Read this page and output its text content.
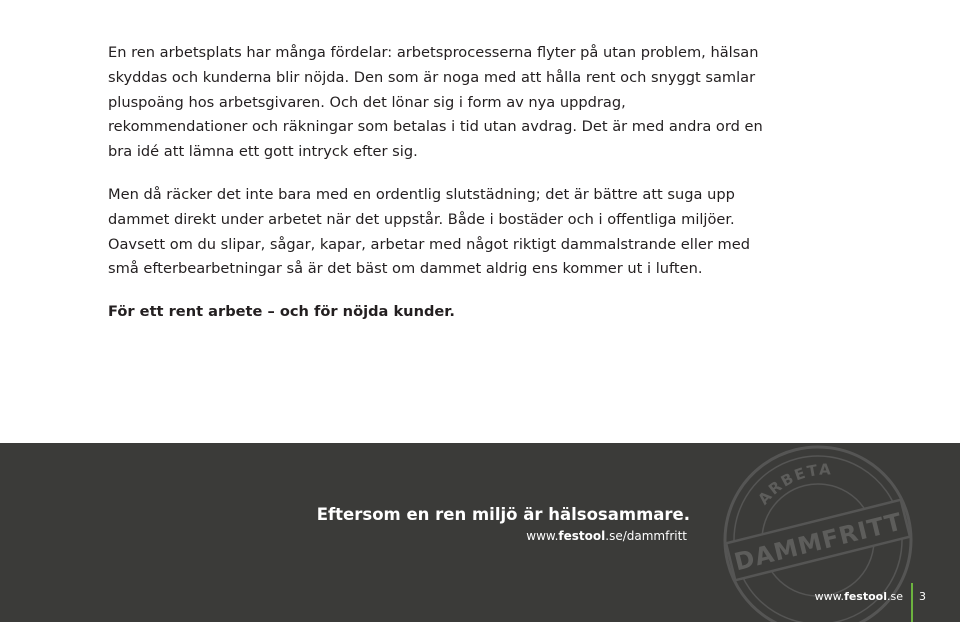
En ren arbetsplats har många fördelar: arbetsprocesserna flyter på utan problem, hälsan skyddas och kunderna blir nöjda. Den som är noga med att hålla rent och snyggt samlar pluspoäng hos arbetsgivaren. Och det lönar sig i form av nya uppdrag, rekommendationer och räkningar som betalas i tid utan avdrag. Det är med andra ord en bra idé att lämna ett gott intryck efter sig.

Men då räcker det inte bara med en ordentlig slutstädning; det är bättre att suga upp dammet direkt under arbetet när det uppstår. Både i bostäder och i offentliga miljöer. Oavsett om du slipar, sågar, kapar, arbetar med något riktigt dammalstrande eller med små efterbearbetningar så är det bäst om dammet aldrig ens kommer ut i luften.

För ett rent arbete – och för nöjda kunder.

Eftersom en ren miljö är hälsosammare.
www.festool.se/dammfritt DAMMFRITT
ARBETA
www.festool.se 3
